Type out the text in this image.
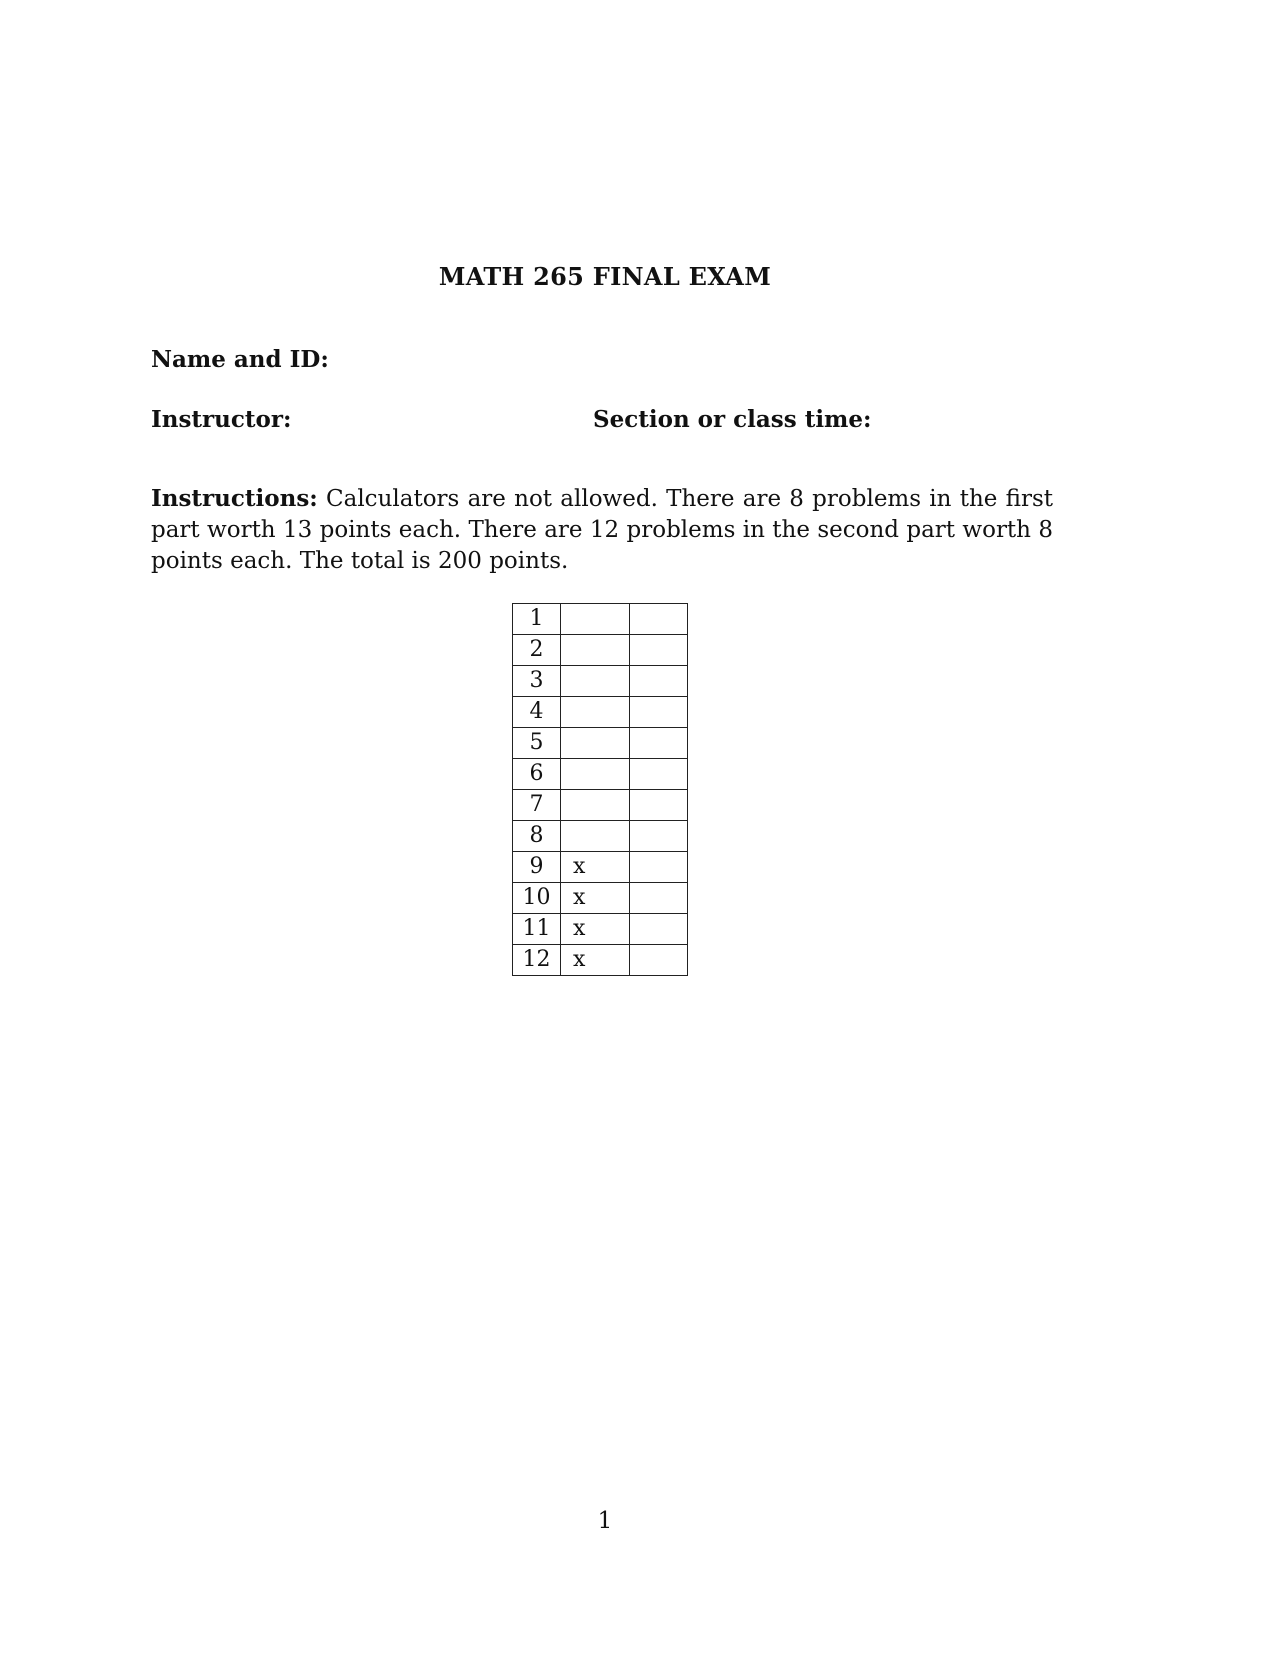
MATH 265 FINAL EXAM
Name and ID:
Instructor:	Section or class time:

Instructions: Calculators are not allowed. There are 8 problems in the first part worth 13 points each. There are 12 problems in the second part worth 8 points each. The total is 200 points.

1		
2		
3		
4		
5		
6		
7		
8		
9	x	
10	x	
11	x	
12	x	
1
